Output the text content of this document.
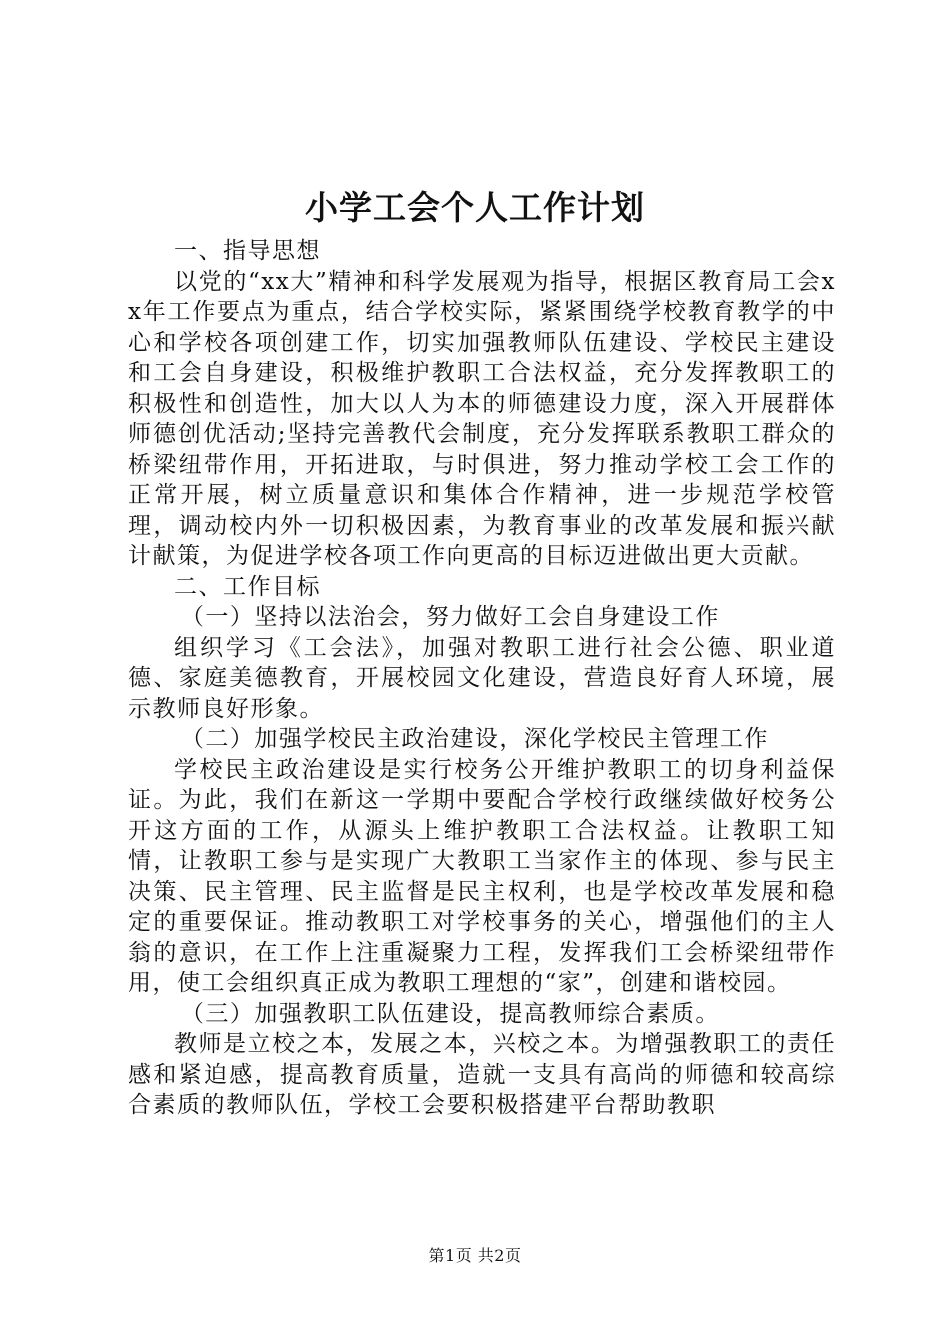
小学工会个人工作计划

一、指导思想

以党的“xx大”精神和科学发展观为指导，根据区教育局工会xx年工作要点为重点，结合学校实际，紧紧围绕学校教育教学的中心和学校各项创建工作，切实加强教师队伍建设、学校民主建设和工会自身建设，积极维护教职工合法权益，充分发挥教职工的积极性和创造性，加大以人为本的师德建设力度，深入开展群体师德创优活动;坚持完善教代会制度，充分发挥联系教职工群众的桥梁纽带作用，开拓进取，与时俱进，努力推动学校工会工作的正常开展，树立质量意识和集体合作精神，进一步规范学校管理，调动校内外一切积极因素，为教育事业的改革发展和振兴献计献策，为促进学校各项工作向更高的目标迈进做出更大贡献。

二、工作目标

（一）坚持以法治会，努力做好工会自身建设工作

组织学习《工会法》，加强对教职工进行社会公德、职业道德、家庭美德教育，开展校园文化建设，营造良好育人环境，展示教师良好形象。

（二）加强学校民主政治建设，深化学校民主管理工作

学校民主政治建设是实行校务公开维护教职工的切身利益保证。为此，我们在新这一学期中要配合学校行政继续做好校务公开这方面的工作，从源头上维护教职工合法权益。让教职工知情，让教职工参与是实现广大教职工当家作主的体现、参与民主决策、民主管理、民主监督是民主权利，也是学校改革发展和稳定的重要保证。推动教职工对学校事务的关心，增强他们的主人翁的意识，在工作上注重凝聚力工程，发挥我们工会桥梁纽带作用，使工会组织真正成为教职工理想的“家”，创建和谐校园。

（三）加强教职工队伍建设，提高教师综合素质。

教师是立校之本，发展之本，兴校之本。为增强教职工的责任感和紧迫感，提高教育质量，造就一支具有高尚的师德和较高综合素质的教师队伍，学校工会要积极搭建平台帮助教职

第1页 共2页
